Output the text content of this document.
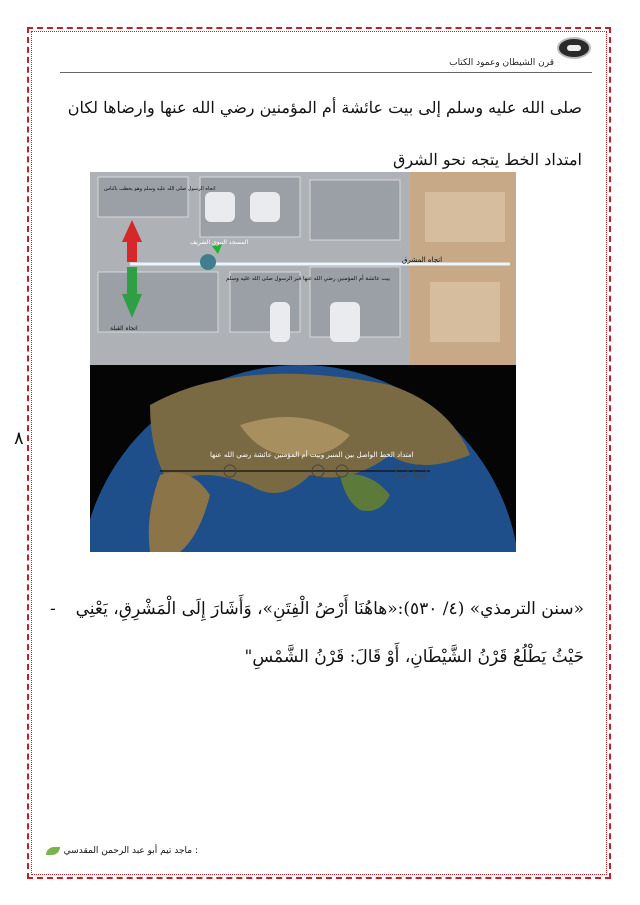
قرن الشيطان وعمود الكتاب
صلى الله عليه وسلم إلى بيت عائشة أم المؤمنين رضي الله عنها وارضاها لكان امتداد الخط يتجه نحو الشرق
اتجاه الرسول صلى الله عليه وسلم وهو يخطب بالناس
المسجد النبوي الشريف
بيت عائشة أم المؤمنين رضي الله عنها قبر الرسول صلى الله عليه وسلم
اتجاه المشرق
اتجاه القبلة
امتداد الخط الواصل بين المنبر وبيت أم المؤمنين عائشة رضي الله عنها
٨
«سنن الترمذي» (٤/ ٥٣٠):«هاهُنَا أَرْضُ الْفِتَنِ»، وَأَشَارَ إِلَى الْمَشْرِقِ، يَعْنِي حَيْثُ يَطْلُعُ قَرْنُ الشَّيْطَانِ، أَوْ قَالَ: قَرْنُ الشَّمْسِ"
-
: ماجد تيم أبو عبد الرحمن المقدسي
